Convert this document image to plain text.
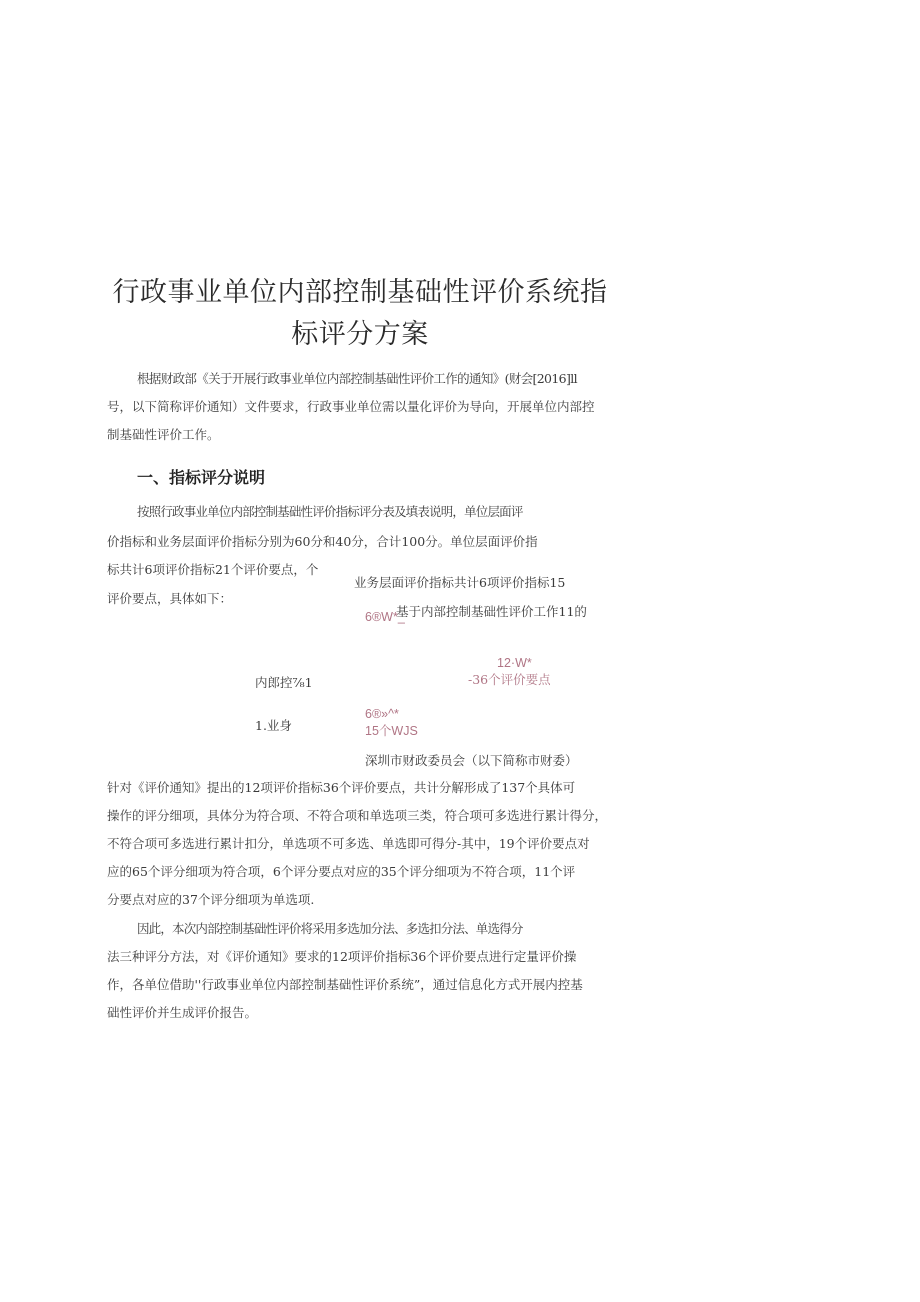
行政事业单位内部控制基础性评价系统指
标评分方案

根据财政部《关于开展行政事业单位内部控制基础性评价工作的通知》(财会[2016]ll

号，以下简称评价通知）文件要求，行政事业单位需以量化评价为导向，开展单位内部控

制基础性评价工作。

一、指标评分说明

按照行政事业单位内部控制基础性评价指标评分表及填表说明，单位层面评

价指标和业务层面评价指标分别为60分和40分，合计100分。单位层面评价指

标共计6项评价指标21个评价要点，个

业务层面评价指标共计6项评价指标15

评价要点，具体如下：

基于内部控制基础性评价工作11的

6®W*_
12·W*
内郎控⅞1	-36个评价要点
6®»^*
1.业身	15个WJS
深圳市财政委员会（以下简称市财委）

针对《评价通知》提出的12项评价指标36个评价要点，共计分解形成了137个具体可

操作的评分细项，具体分为符合项、不符合项和单选项三类，符合项可多选进行累计得分，

不符合项可多选进行累计扣分，单选项不可多选、单选即可得分-其中，19个评价要点对

应的65个评分细项为符合项，6个评分要点对应的35个评分细项为不符合项，11个评

分要点对应的37个评分细项为单选项.

因此，本次内部控制基础性评价将采用多选加分法、多选扣分法、单选得分

法三种评分方法，对《评价通知》要求的12项评价指标36个评价要点进行定量评价操

作，各单位借助''行政事业单位内部控制基础性评价系统”，通过信息化方式开展内控基

础性评价并生成评价报告。
